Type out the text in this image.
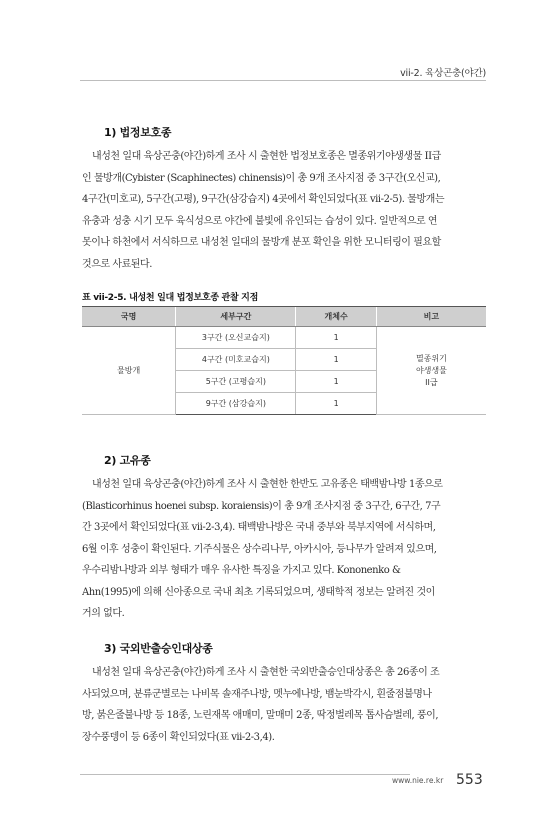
vii-2. 육상곤충(야간)
1) 법정보호종
내성천 일대 육상곤충(야간)하게 조사 시 출현한 법정보호종은 멸종위기야생생물 II급
인 물방개(Cybister (Scaphinectes) chinensis)이 총 9개 조사지점 중 3구간(오신교),
4구간(미호교), 5구간(고평), 9구간(삼강습지) 4곳에서 확인되었다(표 vii-2-5). 물방개는
유충과 성충 시기 모두 육식성으로 야간에 불빛에 유인되는 습성이 있다. 일반적으로 연
못이나 하천에서 서식하므로 내성천 일대의 물방개 분포 확인을 위한 모니터링이 필요할
것으로 사료된다.
표 vii-2-5. 내성천 일대 법정보호종 관찰 지점
국명	세부구간	개체수	비고
물방개	3구간 (오신교습지)	1	멸종위기
야생생물
II급

	4구간 (미호교습지)	1	
	5구간 (고평습지)	1	
	9구간 (삼강습지)	1	
2) 고유종
내성천 일대 육상곤충(야간)하게 조사 시 출현한 한반도 고유종은 태백밤나방 1종으로
(Blasticorhinus hoenei subsp. koraiensis)이 총 9개 조사지점 중 3구간, 6구간, 7구
간 3곳에서 확인되었다(표 vii-2-3,4). 태백밤나방은 국내 중부와 북부지역에 서식하며,
6월 이후 성충이 확인된다. 기주식물은 상수리나무, 아카시아, 등나무가 알려져 있으며,
우수리밤나방과 외부 형태가 매우 유사한 특징을 가지고 있다. Kononenko &
Ahn(1995)에 의해 신아종으로 국내 최초 기록되었으며, 생태학적 정보는 알려진 것이
거의 없다.
3) 국외반출승인대상종
내성천 일대 육상곤충(야간)하게 조사 시 출현한 국외반출승인대상종은 총 26종이 조
사되었으며, 분류군별로는 나비목 솔재주나방, 멧누에나방, 뱀눈박각시, 흰줄점불명나
방, 붉은줄불나방 등 18종, 노린재목 애매미, 말매미 2종, 딱정벌레목 톱사슴벌레, 풍이,
장수풍뎅이 등 6종이 확인되었다(표 vii-2-3,4).
www.nie.re.kr 553
